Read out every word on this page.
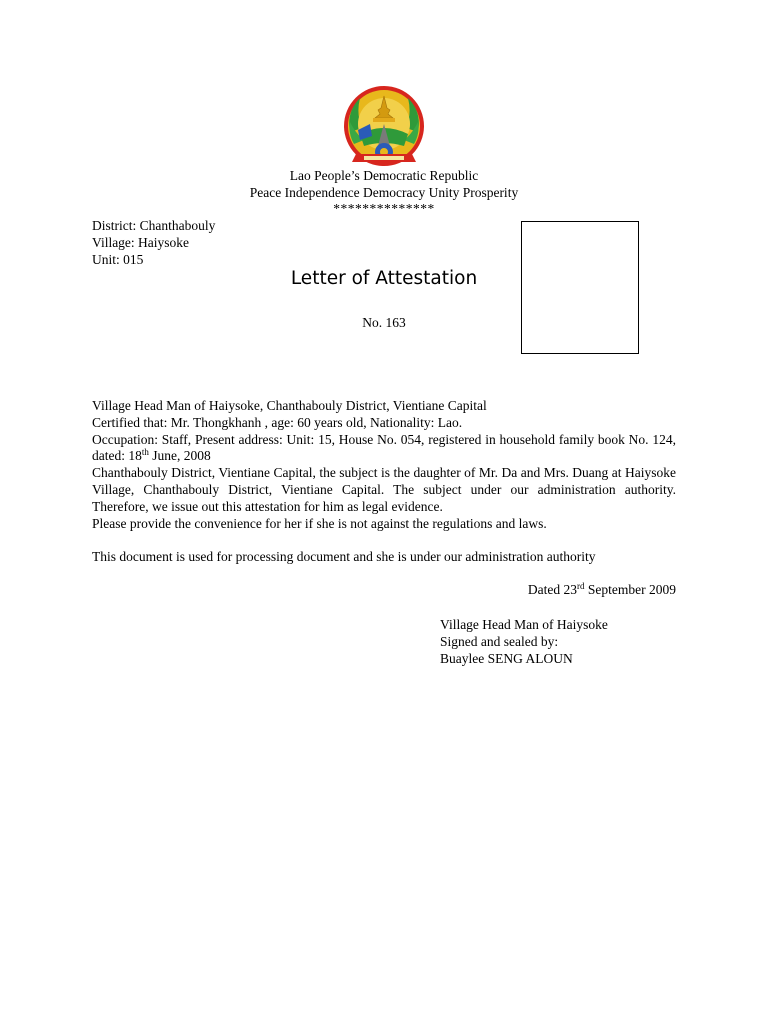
Lao People’s Democratic Republic
Peace Independence Democracy Unity Prosperity
**************
District: Chanthabouly
Village: Haiysoke
Unit: 015
Letter of Attestation
No. 163

Village Head Man of Haiysoke, Chanthabouly District, Vientiane Capital

Certified that: Mr. Thongkhanh , age: 60 years old, Nationality: Lao.

Occupation: Staff, Present address: Unit: 15, House No. 054, registered in household family book No. 124, dated: 18th June, 2008

Chanthabouly District, Vientiane Capital, the subject is the daughter of Mr. Da and Mrs. Duang at Haiysoke Village, Chanthabouly District, Vientiane Capital. The subject under our administration authority. Therefore, we issue out this attestation for him as legal evidence.

Please provide the convenience for her if she is not against the regulations and laws.

This document is used for processing document and she is under our administration authority
Dated 23rd September 2009
Village Head Man of Haiysoke
Signed and sealed by:
Buaylee SENG ALOUN
